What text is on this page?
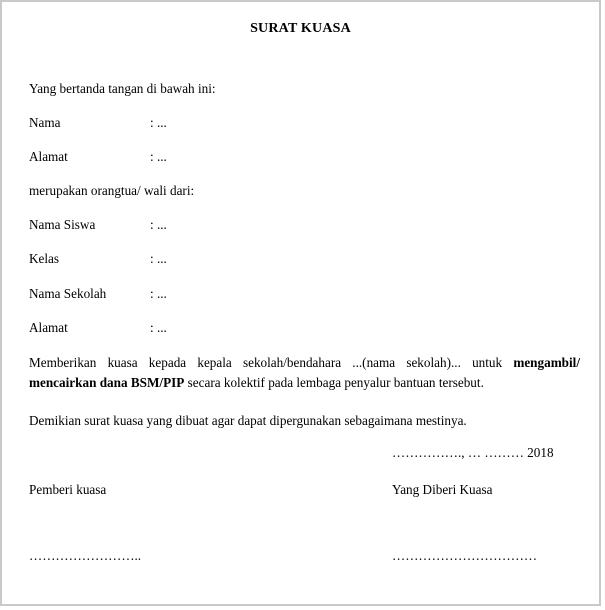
SURAT KUASA
Yang bertanda tangan di bawah ini:
Nama	: ...
Alamat	: ...
merupakan orangtua/ wali dari:
Nama Siswa	: ...
Kelas	: ...
Nama Sekolah	: ...
Alamat	: ...
Memberikan kuasa kepada kepala sekolah/bendahara ...(nama sekolah)... untuk mengambil/ mencairkan dana BSM/PIP secara kolektif pada lembaga penyalur bantuan tersebut.
Demikian surat kuasa yang dibuat agar dapat dipergunakan sebagaimana mestinya.
……………., … ……… 2018
Pemberi kuasa	Yang Diberi Kuasa
……………………..	……………………………
